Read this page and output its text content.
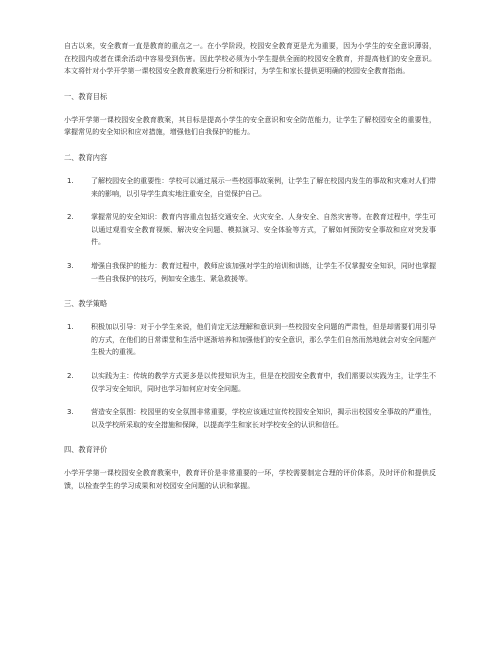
自古以来，安全教育一直是教育的重点之一。在小学阶段，校园安全教育更是尤为重要，因为小学生的安全意识薄弱，在校园内或者在课余活动中容易受到伤害。因此学校必须为小学生提供全面的校园安全教育，并提高他们的安全意识。本文将针对小学开学第一课校园安全教育教案进行分析和探讨，为学生和家长提供更明确的校园安全教育指南。

一、教育目标

小学开学第一课校园安全教育教案，其目标是提高小学生的安全意识和安全防范能力，让学生了解校园安全的重要性，掌握常见的安全知识和应对措施，增强他们自我保护的能力。

二、教育内容

1. 了解校园安全的重要性：学校可以通过展示一些校园事故案例，让学生了解在校园内发生的事故和灾难对人们带来的影响，以引导学生真实地注重安全，自觉保护自己。
2. 掌握常见的安全知识：教育内容重点包括交通安全、火灾安全、人身安全、自然灾害等。在教育过程中，学生可以通过观看安全教育视频、解决安全问题、模拟演习、安全体验等方式，了解如何预防安全事故和应对突发事件。
3. 增强自我保护的能力：教育过程中，教师应该加强对学生的培训和训练，让学生不仅掌握安全知识，同时也掌握一些自我保护的技巧，例如安全逃生、紧急救援等。

三、教学策略

1. 积极加以引导：对于小学生来说，他们肯定无法理解和意识到一些校园安全问题的严肃性，但是却需要们用引导的方式，在他们的日常课堂和生活中逐渐培养和加强他们的安全意识，那么学生们自然而然地就会对安全问题产生极大的重视。
2. 以实践为主：传统的教学方式更多是以传授知识为主，但是在校园安全教育中，我们需要以实践为主，让学生不仅学习安全知识，同时也学习如何应对安全问题。
3. 营造安全氛围：校园里的安全氛围非常重要，学校应该通过宣传校园安全知识，揭示出校园安全事故的严重性，以及学校所采取的安全措施和保障，以提高学生和家长对学校安全的认识和信任。

四、教育评价

小学开学第一课校园安全教育教案中，教育评价是非常重要的一环，学校需要制定合理的评价体系，及时评价和提供反馈，以检查学生的学习成果和对校园安全问题的认识和掌握。
